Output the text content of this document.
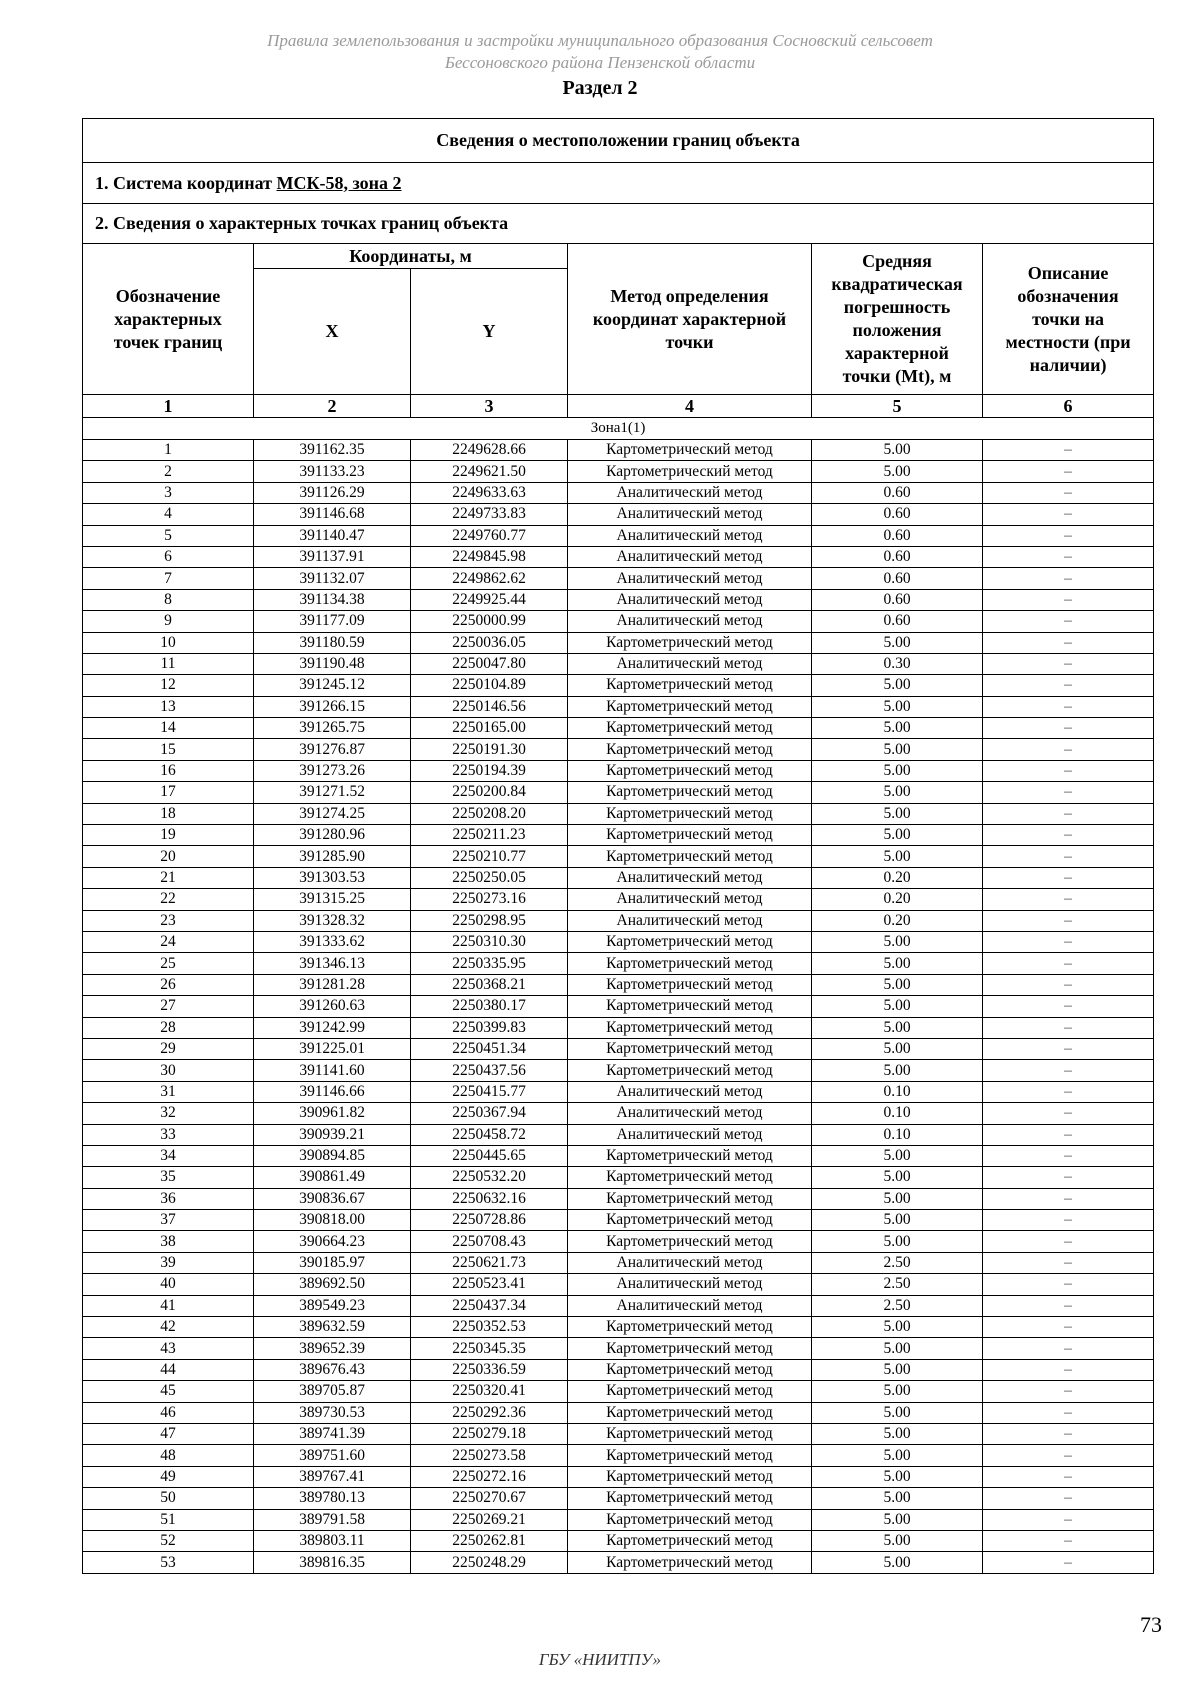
Правила землепользования и застройки муниципального образования Сосновский сельсовет
Бессоновского района Пензенской области
Раздел 2
Сведения о местоположении границ объекта					
1. Система координат МСК-58, зона 2					
2. Сведения о характерных точках границ объекта					
Обозначение характерных точек границ	Координаты, м		Метод определения координат характерной точки	Средняя квадратическая погрешность положения характерной точки (Mt), м	Описание обозначения точки на местности (при наличии)
	X	Y			
1	2	3	4	5	6
Зона1(1)					
1	391162.35	2249628.66	Картометрический метод	5.00	–
2	391133.23	2249621.50	Картометрический метод	5.00	–
3	391126.29	2249633.63	Аналитический метод	0.60	–
4	391146.68	2249733.83	Аналитический метод	0.60	–
5	391140.47	2249760.77	Аналитический метод	0.60	–
6	391137.91	2249845.98	Аналитический метод	0.60	–
7	391132.07	2249862.62	Аналитический метод	0.60	–
8	391134.38	2249925.44	Аналитический метод	0.60	–
9	391177.09	2250000.99	Аналитический метод	0.60	–
10	391180.59	2250036.05	Картометрический метод	5.00	–
11	391190.48	2250047.80	Аналитический метод	0.30	–
12	391245.12	2250104.89	Картометрический метод	5.00	–
13	391266.15	2250146.56	Картометрический метод	5.00	–
14	391265.75	2250165.00	Картометрический метод	5.00	–
15	391276.87	2250191.30	Картометрический метод	5.00	–
16	391273.26	2250194.39	Картометрический метод	5.00	–
17	391271.52	2250200.84	Картометрический метод	5.00	–
18	391274.25	2250208.20	Картометрический метод	5.00	–
19	391280.96	2250211.23	Картометрический метод	5.00	–
20	391285.90	2250210.77	Картометрический метод	5.00	–
21	391303.53	2250250.05	Аналитический метод	0.20	–
22	391315.25	2250273.16	Аналитический метод	0.20	–
23	391328.32	2250298.95	Аналитический метод	0.20	–
24	391333.62	2250310.30	Картометрический метод	5.00	–
25	391346.13	2250335.95	Картометрический метод	5.00	–
26	391281.28	2250368.21	Картометрический метод	5.00	–
27	391260.63	2250380.17	Картометрический метод	5.00	–
28	391242.99	2250399.83	Картометрический метод	5.00	–
29	391225.01	2250451.34	Картометрический метод	5.00	–
30	391141.60	2250437.56	Картометрический метод	5.00	–
31	391146.66	2250415.77	Аналитический метод	0.10	–
32	390961.82	2250367.94	Аналитический метод	0.10	–
33	390939.21	2250458.72	Аналитический метод	0.10	–
34	390894.85	2250445.65	Картометрический метод	5.00	–
35	390861.49	2250532.20	Картометрический метод	5.00	–
36	390836.67	2250632.16	Картометрический метод	5.00	–
37	390818.00	2250728.86	Картометрический метод	5.00	–
38	390664.23	2250708.43	Картометрический метод	5.00	–
39	390185.97	2250621.73	Аналитический метод	2.50	–
40	389692.50	2250523.41	Аналитический метод	2.50	–
41	389549.23	2250437.34	Аналитический метод	2.50	–
42	389632.59	2250352.53	Картометрический метод	5.00	–
43	389652.39	2250345.35	Картометрический метод	5.00	–
44	389676.43	2250336.59	Картометрический метод	5.00	–
45	389705.87	2250320.41	Картометрический метод	5.00	–
46	389730.53	2250292.36	Картометрический метод	5.00	–
47	389741.39	2250279.18	Картометрический метод	5.00	–
48	389751.60	2250273.58	Картометрический метод	5.00	–
49	389767.41	2250272.16	Картометрический метод	5.00	–
50	389780.13	2250270.67	Картометрический метод	5.00	–
51	389791.58	2250269.21	Картометрический метод	5.00	–
52	389803.11	2250262.81	Картометрический метод	5.00	–
53	389816.35	2250248.29	Картометрический метод	5.00	–
73
ГБУ «НИИТПУ»
